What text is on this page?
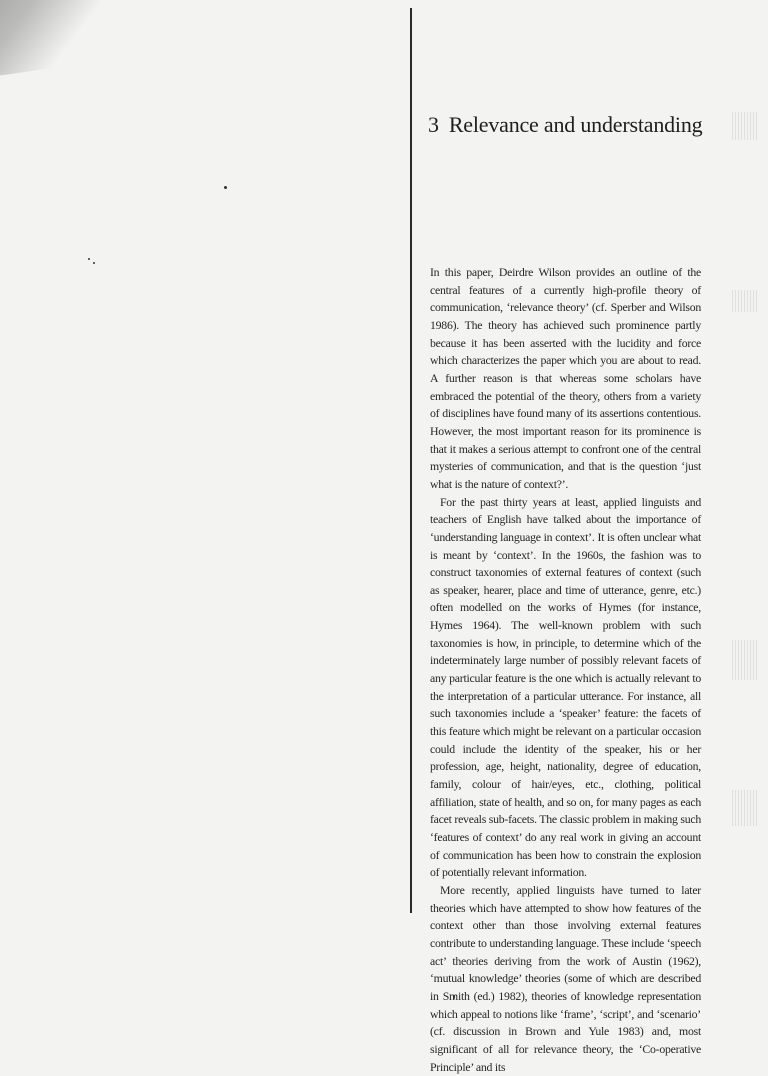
3 Relevance and understanding

In this paper, Deirdre Wilson provides an outline of the central features of a currently high-profile theory of communication, ‘relevance theory’ (cf. Sperber and Wilson 1986). The theory has achieved such prominence partly because it has been asserted with the lucidity and force which characterizes the paper which you are about to read. A further reason is that whereas some scholars have embraced the potential of the theory, others from a variety of disciplines have found many of its assertions contentious. However, the most important reason for its prominence is that it makes a serious attempt to confront one of the central mysteries of communication, and that is the question ‘just what is the nature of context?’.

For the past thirty years at least, applied linguists and teachers of English have talked about the importance of ‘understanding language in context’. It is often unclear what is meant by ‘context’. In the 1960s, the fashion was to construct taxonomies of external features of context (such as speaker, hearer, place and time of utterance, genre, etc.) often modelled on the works of Hymes (for instance, Hymes 1964). The well-known problem with such taxonomies is how, in principle, to determine which of the indeterminately large number of possibly relevant facets of any particular feature is the one which is actually relevant to the interpretation of a particular utterance. For instance, all such taxonomies include a ‘speaker’ feature: the facets of this feature which might be relevant on a particular occasion could include the identity of the speaker, his or her profession, age, height, nationality, degree of education, family, colour of hair/eyes, etc., clothing, political affiliation, state of health, and so on, for many pages as each facet reveals sub-facets. The classic problem in making such ‘features of context’ do any real work in giving an account of communication has been how to constrain the explosion of potentially relevant information.

More recently, applied linguists have turned to later theories which have attempted to show how features of the context other than those involving external features contribute to understanding language. These include ‘speech act’ theories deriving from the work of Austin (1962), ‘mutual knowledge’ theories (some of which are described in Smith (ed.) 1982), theories of knowledge representation which appeal to notions like ‘frame’, ‘script’, and ‘scenario’ (cf. discussion in Brown and Yule 1983) and, most significant of all for relevance theory, the ‘Co-operative Principle’ and its
